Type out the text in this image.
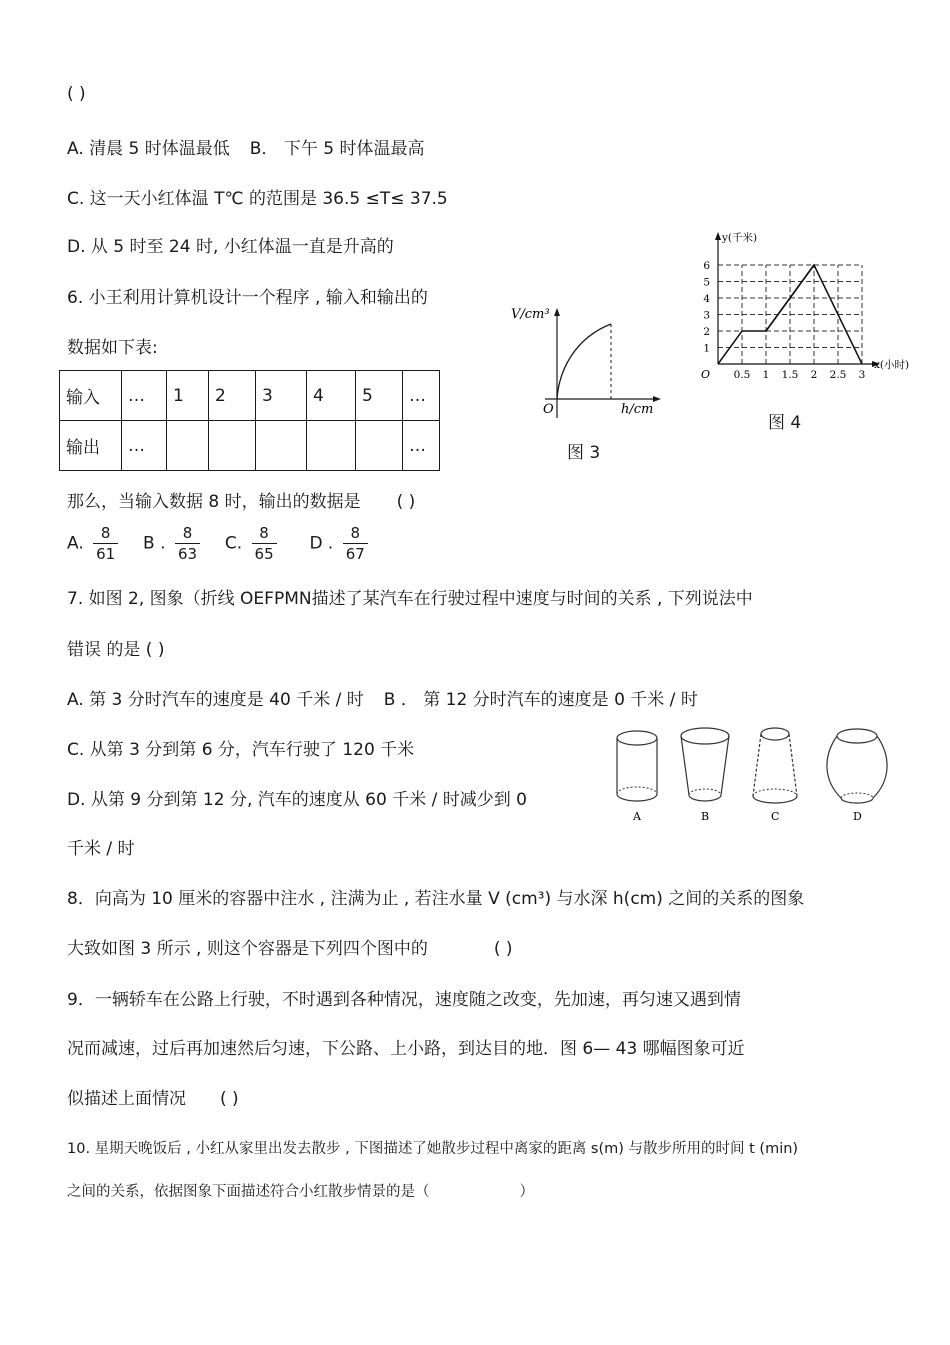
( )
A. 清晨 5 时体温最低 B． 下午 5 时体温最高
C. 这一天小红体温 T℃ 的范围是 36.5 ≤T≤ 37.5
D. 从 5 时至 24 时, 小红体温一直是升高的
6. 小王利用计算机设计一个程序 , 输入和输出的
数据如下表:
输入	…	1	2	3	4	5	…
输出	…						…
那么，当输入数据 8 时，输出的数据是 ( )
A. $\frac{8}{61}$ B . $\frac{8}{63} C$. $\frac{8}{65}$ D . $\frac{8}{67}$
7. 如图 2, 图象（折线 OEFPMN描述了某汽车在行驶过程中速度与时间的关系 , 下列说法中
错误 的是 ( )
A. 第 3 分时汽车的速度是 40 千米 / 时 B ． 第 12 分时汽车的速度是 0 千米 / 时
C. 从第 3 分到第 6 分，汽车行驶了 120 千米
D. 从第 9 分到第 12 分, 汽车的速度从 60 千米 / 时减少到 0
千米 / 时
8．向高为 10 厘米的容器中注水 , 注满为止 , 若注水量 V (cm³) 与水深 h(cm) 之间的关系的图象
大致如图 3 所示 , 则这个容器是下列四个图中的	( )
9．一辆轿车在公路上行驶，不时遇到各种情况，速度随之改变，先加速，再匀速又遇到情
况而减速，过后再加速然后匀速，下公路、上小路，到达目的地．图 6— 43 哪幅图象可近
似描述上面情况 ( )
10. 星期天晚饭后 , 小红从家里出发去散步 , 下图描述了她散步过程中离家的距离 s(m) 与散步所用的时间 t (min)
之间的关系，依据图象下面描述符合小红散步情景的是（	）
V/cm³
h/cm
O
图 3
0.5 1 1.5 2 2.5 3
1
2
3
4
5
6
O
y(千米)
x(小时)
图 4
A	B	C	D
